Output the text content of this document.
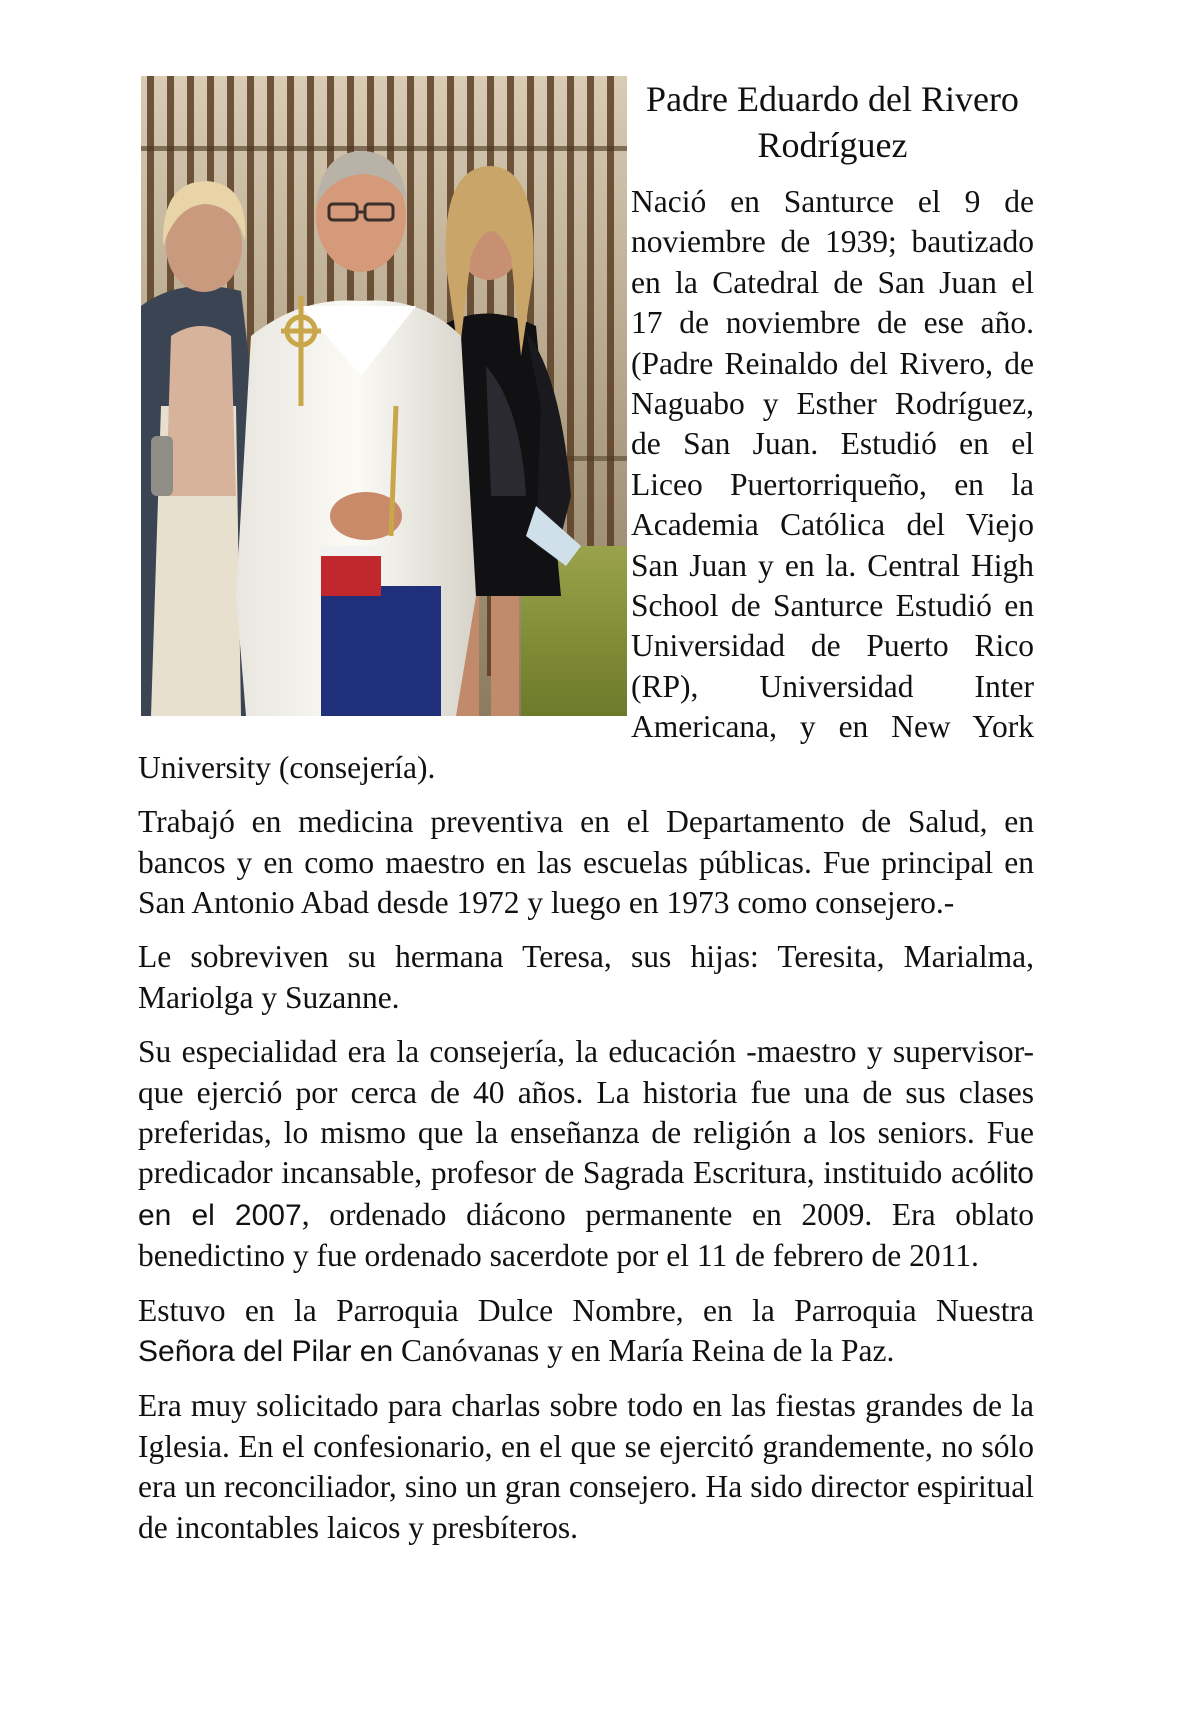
Padre Eduardo del Rivero
Rodríguez

Nació en Santurce el 9 de noviembre de 1939; bautizado en la Catedral de San Juan el 17 de noviembre de ese año. (Padre Reinaldo del Rivero, de Naguabo y Esther Rodríguez, de San Juan. Estudió en el Liceo Puertorriqueño, en la Academia Católica del Viejo San Juan y en la. Central High School de Santurce Estudió en Universidad de Puerto Rico (RP), Universidad Inter Americana, y en New York University (consejería).

Trabajó en medicina preventiva en el Departamento de Salud, en bancos y en como maestro en las escuelas públicas. Fue principal en San Antonio Abad desde 1972 y luego en 1973 como consejero.-

Le sobreviven su hermana Teresa, sus hijas: Teresita, Marialma, Mariolga y Suzanne.

Su especialidad era la consejería, la educación -maestro y supervisor- que ejerció por cerca de 40 años. La historia fue una de sus clases preferidas, lo mismo que la enseñanza de religión a los seniors. Fue predicador incansable, profesor de Sagrada Escritura, instituido acólito en el 2007, ordenado diácono permanente en 2009. Era oblato benedictino y fue ordenado sacerdote por el 11 de febrero de 2011.

Estuvo en la Parroquia Dulce Nombre, en la Parroquia Nuestra Señora del Pilar en Canóvanas y en María Reina de la Paz.

Era muy solicitado para charlas sobre todo en las fiestas grandes de la Iglesia. En el confesionario, en el que se ejercitó grandemente, no sólo era un reconciliador, sino un gran consejero. Ha sido director espiritual de incontables laicos y presbíteros.
